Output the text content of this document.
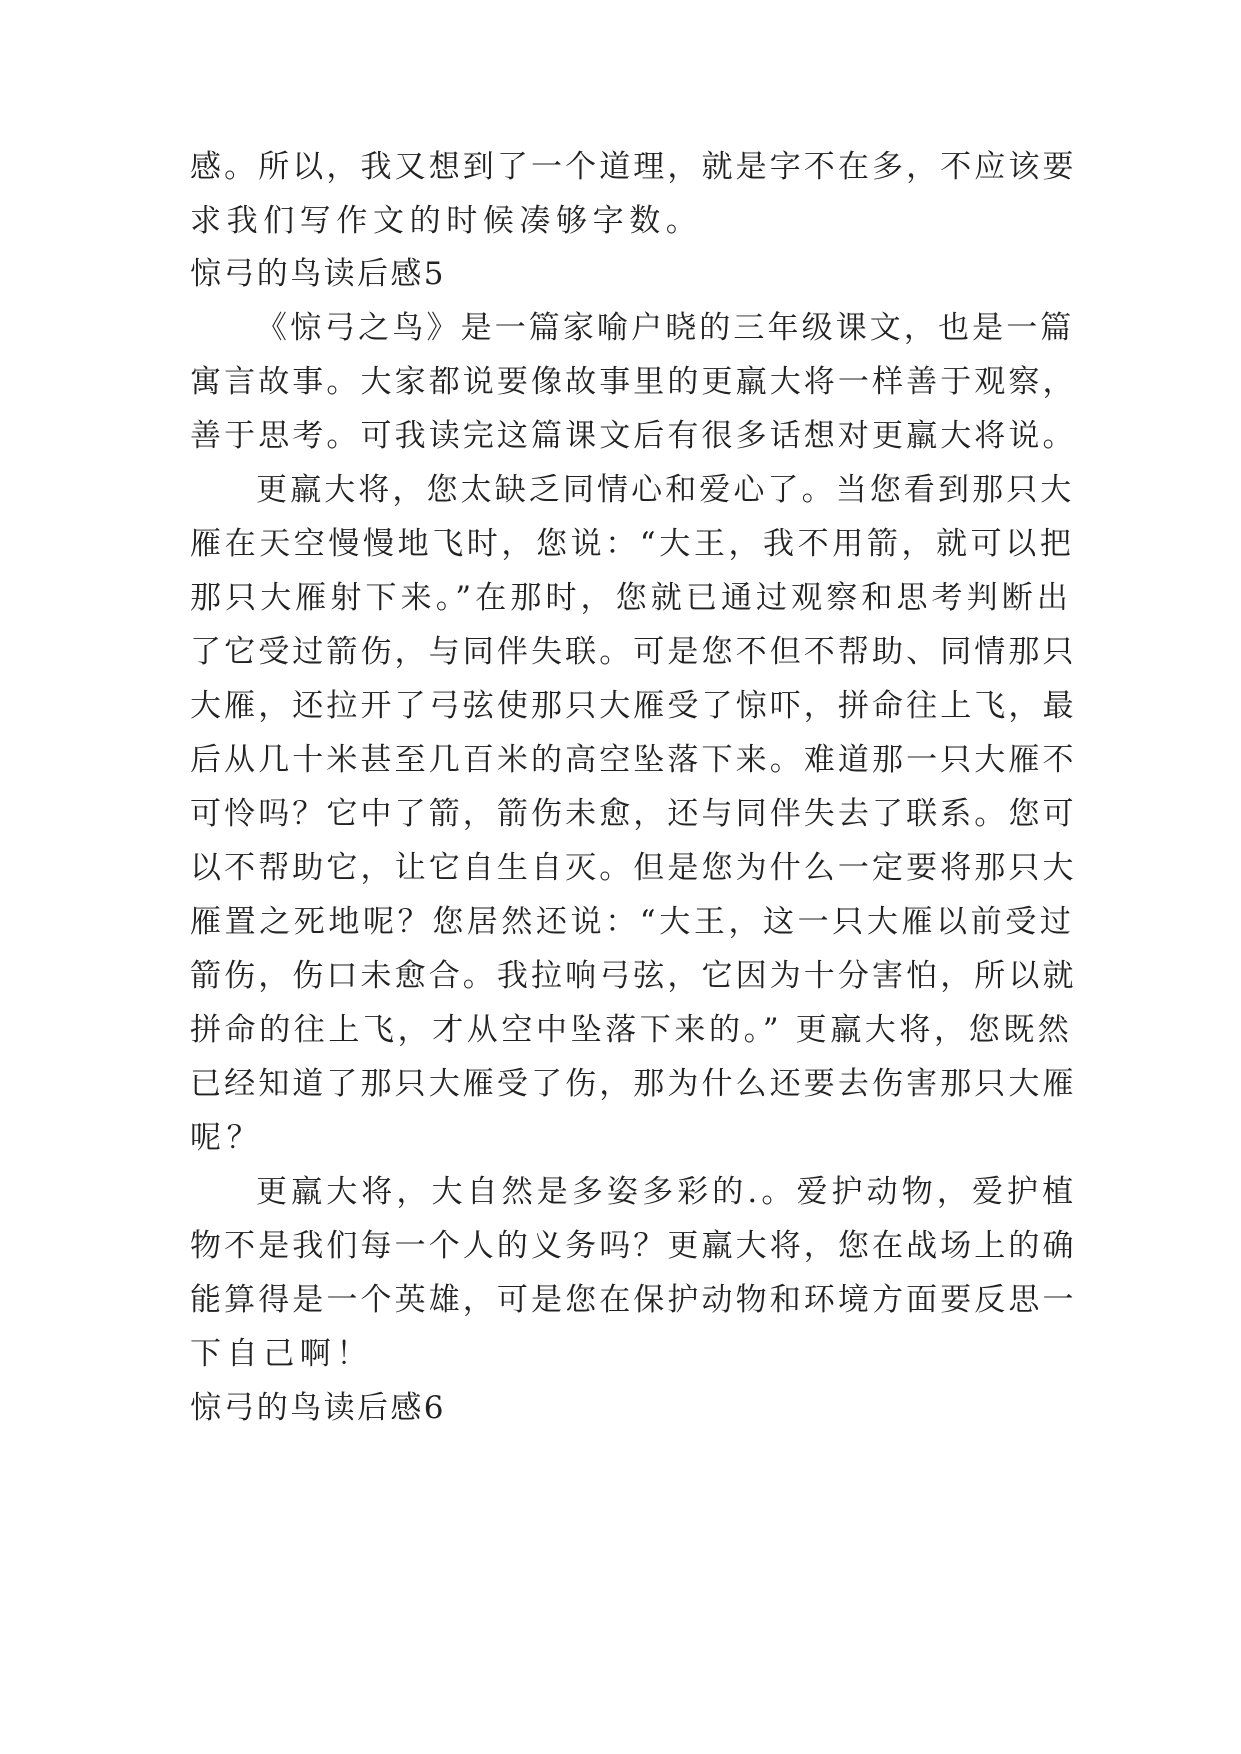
感。所以，我又想到了一个道理，就是字不在多，不应该要

求我们写作文的时候凑够字数。

惊弓的鸟读后感5

《惊弓之鸟》是一篇家喻户晓的三年级课文，也是一篇

寓言故事。大家都说要像故事里的更羸大将一样善于观察，

善于思考。可我读完这篇课文后有很多话想对更羸大将说。

更羸大将，您太缺乏同情心和爱心了。当您看到那只大

雁在天空慢慢地飞时，您说：“大王，我不用箭，就可以把

那只大雁射下来。”在那时，您就已通过观察和思考判断出

了它受过箭伤，与同伴失联。可是您不但不帮助、同情那只

大雁，还拉开了弓弦使那只大雁受了惊吓，拼命往上飞，最

后从几十米甚至几百米的高空坠落下来。难道那一只大雁不

可怜吗？它中了箭，箭伤未愈，还与同伴失去了联系。您可

以不帮助它，让它自生自灭。但是您为什么一定要将那只大

雁置之死地呢？您居然还说：“大王，这一只大雁以前受过

箭伤，伤口未愈合。我拉响弓弦，它因为十分害怕，所以就

拼命的往上飞，才从空中坠落下来的。” 更羸大将，您既然

已经知道了那只大雁受了伤，那为什么还要去伤害那只大雁

呢？

更羸大将，大自然是多姿多彩的.。爱护动物，爱护植

物不是我们每一个人的义务吗？更羸大将，您在战场上的确

能算得是一个英雄，可是您在保护动物和环境方面要反思一

下自己啊！

惊弓的鸟读后感6
